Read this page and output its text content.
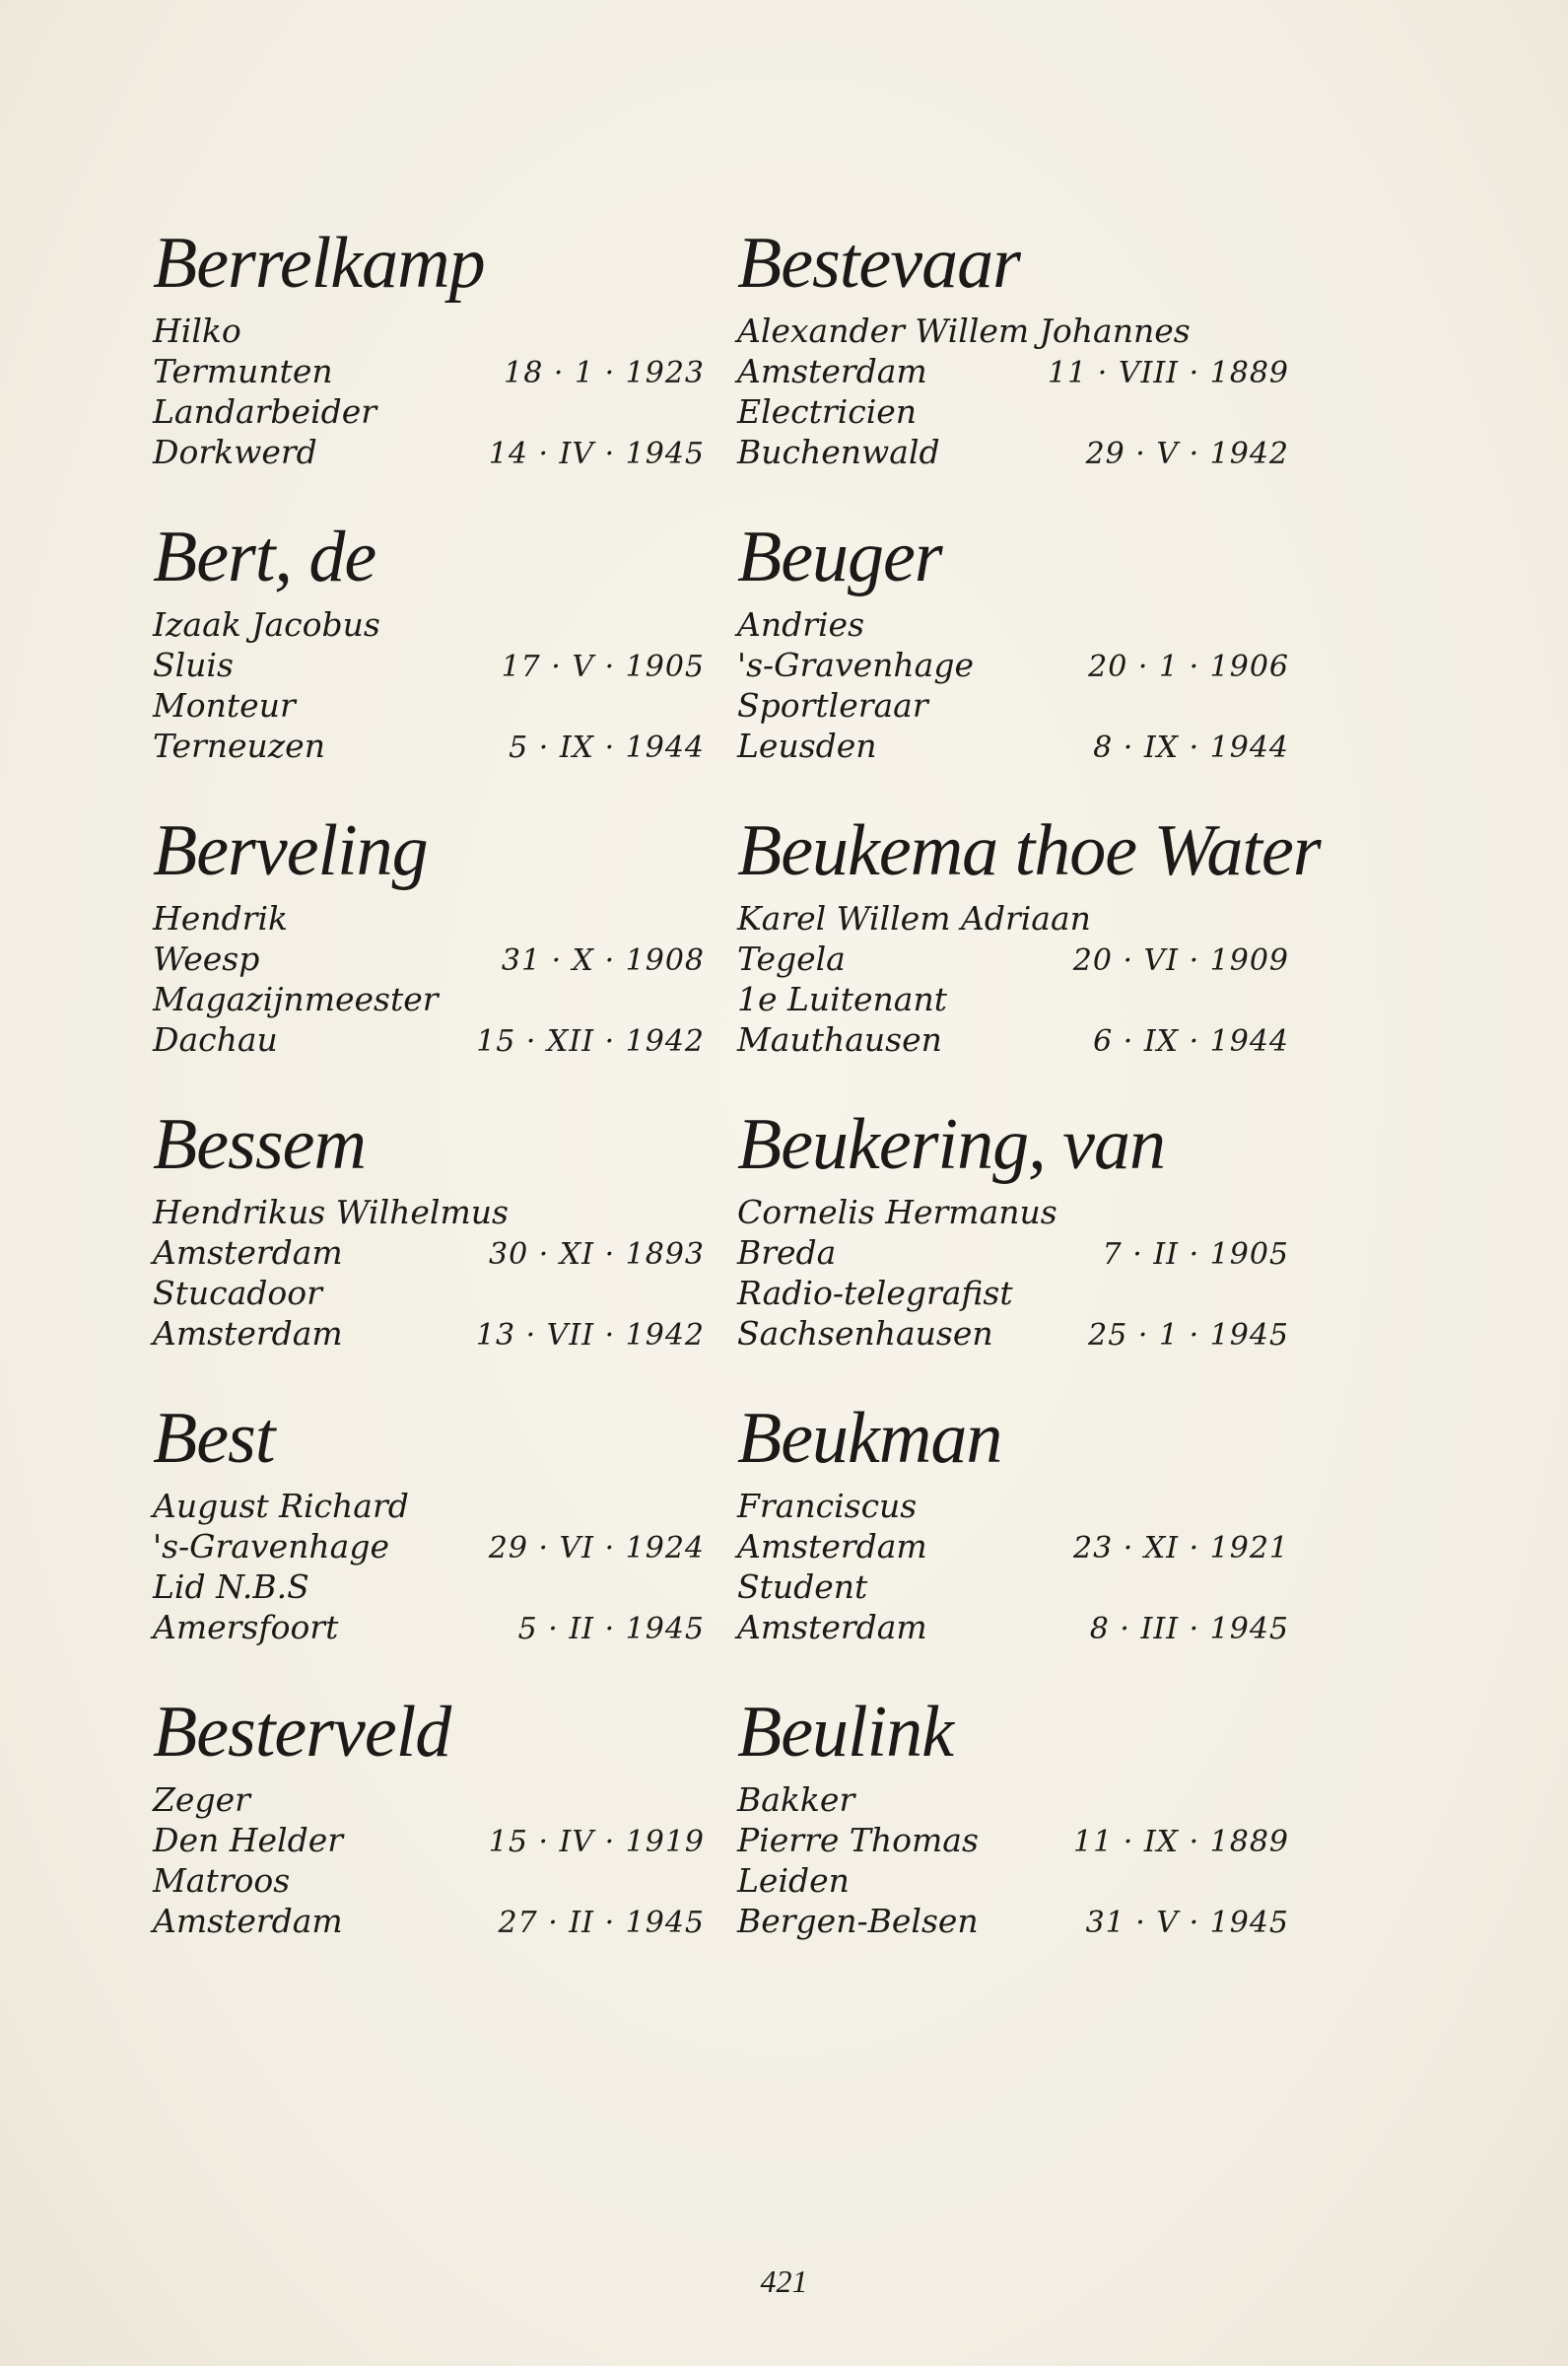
Berrelkamp
Hilko
Termunten	18 · 1 · 1923
Landarbeider
Dorkwerd	14 · IV · 1945
Bert, de
Izaak Jacobus
Sluis	17 · V · 1905
Monteur
Terneuzen	5 · IX · 1944
Berveling
Hendrik
Weesp	31 · X · 1908
Magazijnmeester
Dachau	15 · XII · 1942
Bessem
Hendrikus Wilhelmus
Amsterdam	30 · XI · 1893
Stucadoor
Amsterdam	13 · VII · 1942
Best
August Richard
's-Gravenhage	29 · VI · 1924
Lid N.B.S
Amersfoort	5 · II · 1945
Besterveld
Zeger
Den Helder	15 · IV · 1919
Matroos
Amsterdam	27 · II · 1945
Bestevaar
Alexander Willem Johannes
Amsterdam	11 · VIII · 1889
Electricien
Buchenwald	29 · V · 1942
Beuger
Andries
's-Gravenhage	20 · 1 · 1906
Sportleraar
Leusden	8 · IX · 1944
Beukema thoe Water
Karel Willem Adriaan
Tegela	20 · VI · 1909
1e Luitenant
Mauthausen	6 · IX · 1944
Beukering, van
Cornelis Hermanus
Breda	7 · II · 1905
Radio-telegrafist
Sachsenhausen	25 · 1 · 1945
Beukman
Franciscus
Amsterdam	23 · XI · 1921
Student
Amsterdam	8 · III · 1945
Beulink
Bakker
Pierre Thomas	11 · IX · 1889
Leiden
Bergen-Belsen	31 · V · 1945
421
